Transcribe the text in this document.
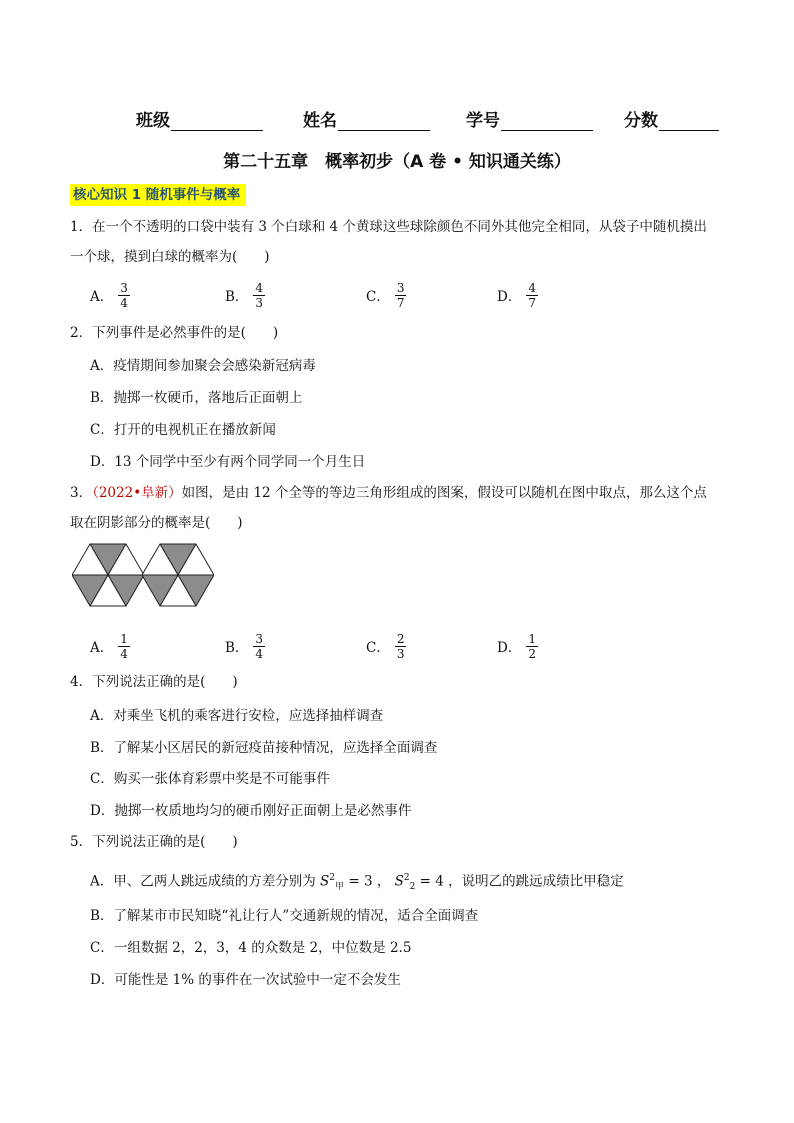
班级	姓名	学号	分数
第二十五章　概率初步（A 卷 • 知识通关练）
核心知识 1 随机事件与概率
1．在一个不透明的口袋中装有 3 个白球和 4 个黄球这些球除颜色不同外其他完全相同，从袋子中随机摸出
一个球，摸到白球的概率为(　　)
A． $\frac{3}{4}$	B． $\frac{4}{3}$	C． $\frac{3}{7}$	D． $\frac{4}{7}$
2．下列事件是必然事件的是(　　)
A．疫情期间参加聚会会感染新冠病毒
B．抛掷一枚硬币，落地后正面朝上
C．打开的电视机正在播放新闻
D．13 个同学中至少有两个同学同一个月生日
3．（2022•阜新）如图，是由 12 个全等的等边三角形组成的图案，假设可以随机在图中取点，那么这个点
取在阴影部分的概率是(　　)
A． $\frac{1}{4}$	B． $\frac{3}{4}$	C． $\frac{2}{3}$	D． $\frac{1}{2}$
4．下列说法正确的是(　　)
A．对乘坐飞机的乘客进行安检，应选择抽样调查
B．了解某小区居民的新冠疫苗接种情况，应选择全面调查
C．购买一张体育彩票中奖是不可能事件
D．抛掷一枚质地均匀的硬币刚好正面朝上是必然事件
5．下列说法正确的是(　　)
A．甲、乙两人跳远成绩的方差分别为 $S^2_甲 = 3$ ， $S^2_2 = 4$ ，说明乙的跳远成绩比甲稳定
B．了解某市市民知晓“礼让行人”交通新规的情况，适合全面调查
C．一组数据 2，2，3，4 的众数是 2，中位数是 2.5
D．可能性是 1% 的事件在一次试验中一定不会发生
